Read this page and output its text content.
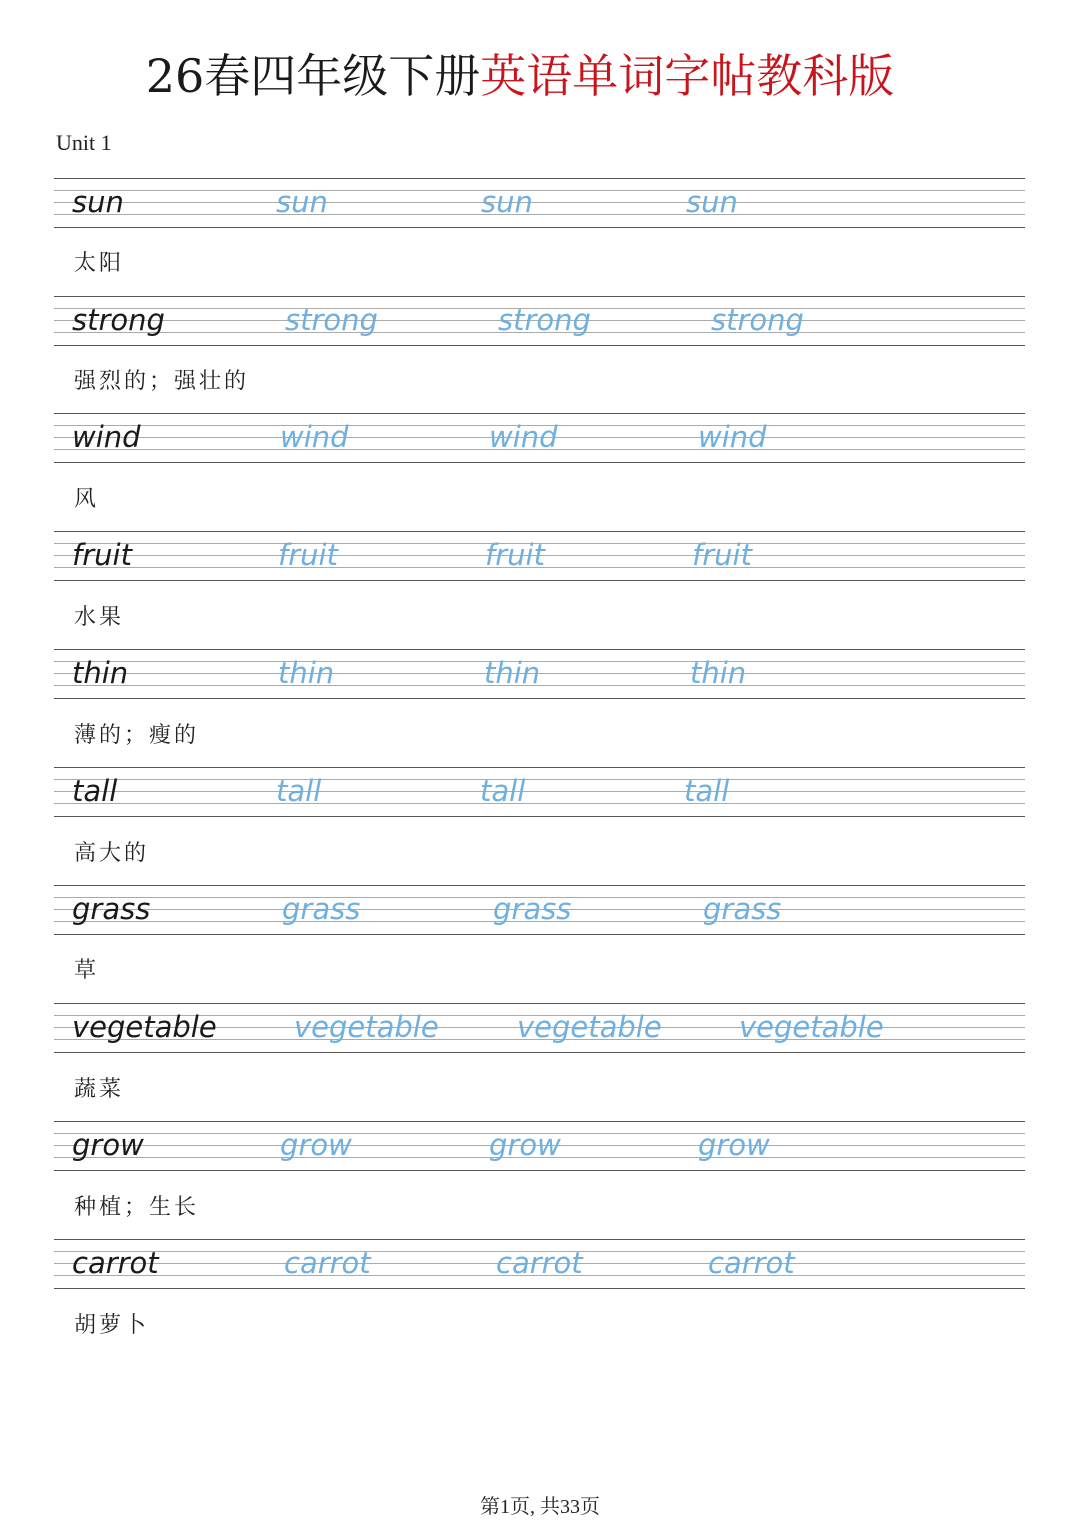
26春四年级下册英语单词字帖教科版
Unit 1
sun	sun	sun	sun
太阳
strong	strong	strong	strong
强烈的；强壮的
wind	wind	wind	wind
风
fruit	fruit	fruit	fruit
水果
thin	thin	thin	thin
薄的；瘦的
tall	tall	tall	tall
高大的
grass	grass	grass	grass
草
vegetable	vegetable	vegetable	vegetable
蔬菜
grow	grow	grow	grow
种植；生长
carrot	carrot	carrot	carrot
胡萝卜
第1页, 共33页
